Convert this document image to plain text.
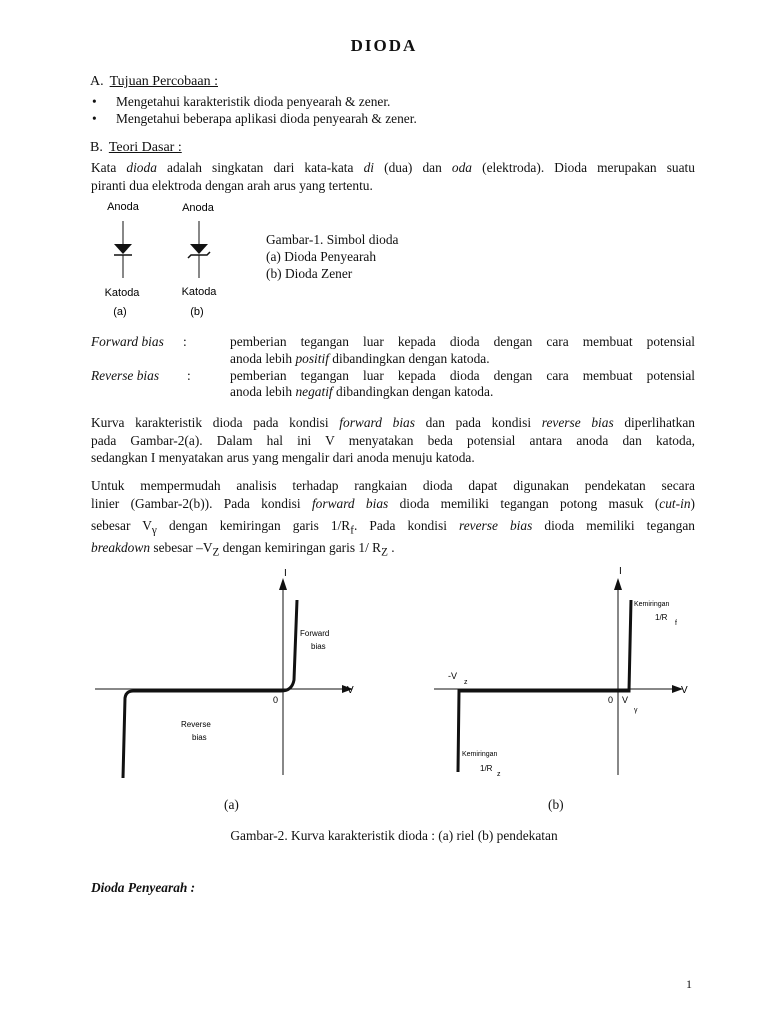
DIODA
A. Tujuan Percobaan :
• Mengetahui karakteristik dioda penyearah & zener.
• Mengetahui beberapa aplikasi dioda penyearah & zener.
B. Teori Dasar :
Kata dioda adalah singkatan dari kata-kata di (dua) dan oda (elektroda). Dioda merupakan suatu
piranti dua elektroda dengan arah arus yang tertentu.
Anoda	Anoda
Katoda	Katoda
(a)	(b)
Gambar-1. Simbol dioda
(a) Dioda Penyearah
(b) Dioda Zener
Forward bias :	pemberian tegangan luar kepada dioda dengan cara membuat potensial
anoda lebih positif dibandingkan dengan katoda.
Reverse bias :	pemberian tegangan luar kepada dioda dengan cara membuat potensial
anoda lebih negatif dibandingkan dengan katoda.
Kurva karakteristik dioda pada kondisi forward bias dan pada kondisi reverse bias diperlihatkan
pada Gambar-2(a). Dalam hal ini V menyatakan beda potensial antara anoda dan katoda,
sedangkan I menyatakan arus yang mengalir dari anoda menuju katoda.
Untuk mempermudah analisis terhadap rangkaian dioda dapat digunakan pendekatan secara
linier (Gambar-2(b)). Pada kondisi forward bias dioda memiliki tegangan potong masuk (cut-in)
sebesar $V_\gamma$ dengan kemiringan garis $1/R_f$. Pada kondisi reverse bias dioda memiliki tegangan
breakdown sebesar $-V_Z$ dengan kemiringan garis 1/ $R_Z$ .
I
V
0
Forward
bias
Reverse
bias
I
V
0 V
γ
-V
z
Kemiringan
1/R
f
Kemiringan
1/R
z
(a)	(b)
Gambar-2. Kurva karakteristik dioda : (a) riel (b) pendekatan
Dioda Penyearah :
1
